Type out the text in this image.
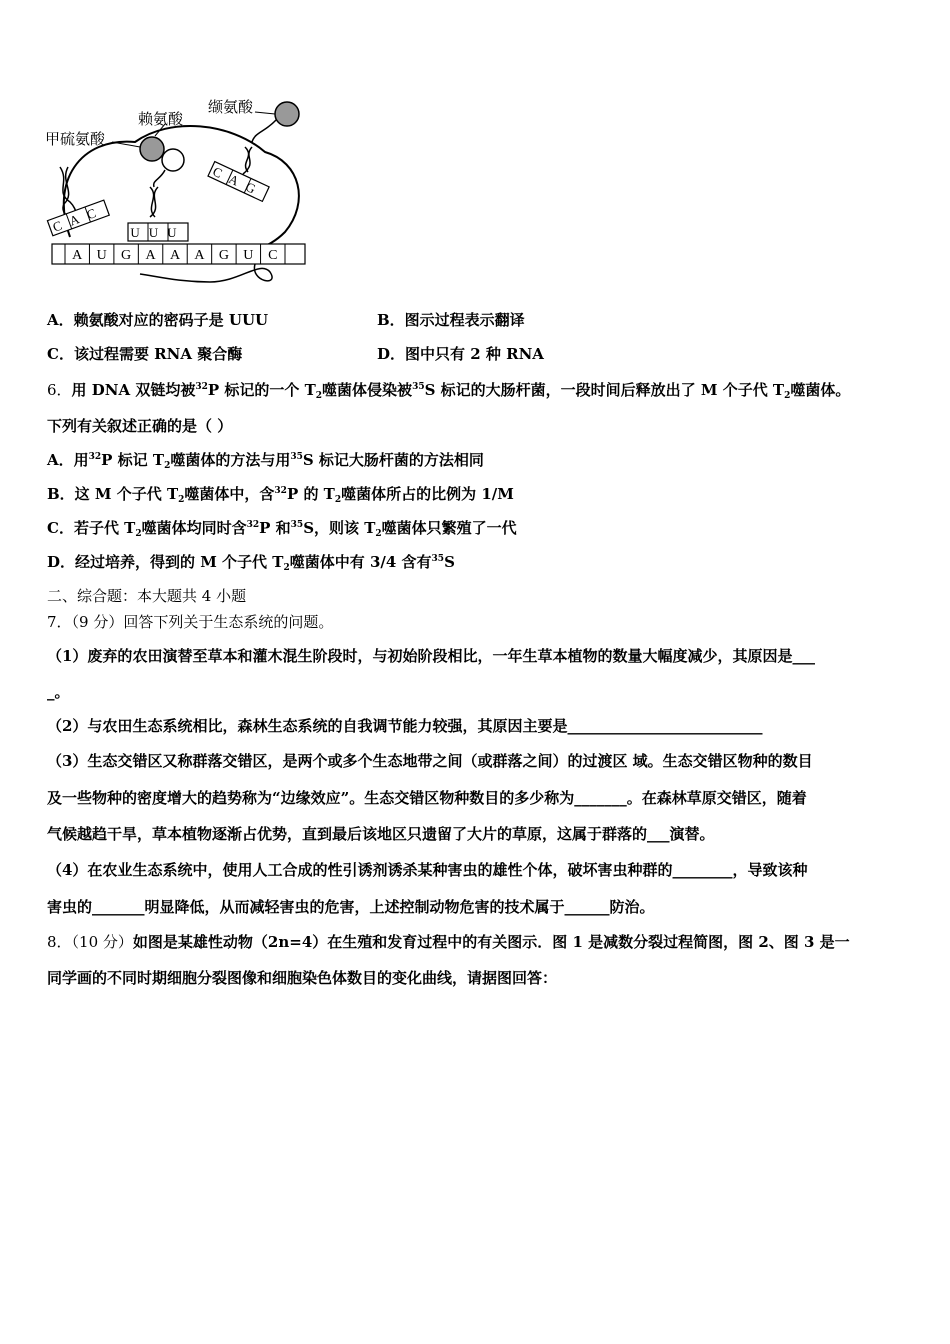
A U G A A A G U C
CAC UUU
CAG
甲硫氨酸
赖氨酸
缬氨酸
A．赖氨酸对应的密码子是 UUU	B．图示过程表示翻译
C．该过程需要 RNA 聚合酶	D．图中只有 2 种 RNA
6．用 DNA 双链均被$^{32}$P 标记的一个 $T_2$噬菌体侵染被$^{35}$S 标记的大肠杆菌，一段时间后释放出了 M 个子代 $T_2$噬菌体。
下列有关叙述正确的是（ ）
A．用$^{32}$P 标记 $T_2$噬菌体的方法与用$^{35}$S 标记大肠杆菌的方法相同
B．这 M 个子代 $T_2$噬菌体中，含$^{32}$P 的 $T_2$噬菌体所占的比例为 1/M
C．若子代 $T_2$噬菌体均同时含$^{32}$P 和$^{35}$S，则该 $T_2$噬菌体只繁殖了一代
D．经过培养，得到的 M 个子代 $T_2$噬菌体中有 3/4 含有$^{35}$S
二、综合题：本大题共 4 小题
7．（9 分）回答下列关于生态系统的问题。
（1）废弃的农田演替至草本和灌木混生阶段时，与初始阶段相比，一年生草本植物的数量大幅度减少，其原因是___
_。
（2）与农田生态系统相比，森林生态系统的自我调节能力较强，其原因主要是__________________________
（3）生态交错区又称群落交错区，是两个或多个生态地带之间（或群落之间）的过渡区 域。生态交错区物种的数目
及一些物种的密度增大的趋势称为“边缘效应”。生态交错区物种数目的多少称为_______。在森林草原交错区，随着
气候越趋干旱，草本植物逐渐占优势，直到最后该地区只遗留了大片的草原，这属于群落的___演替。
（4）在农业生态系统中，使用人工合成的性引诱剂诱杀某种害虫的雄性个体，破坏害虫种群的________，导致该种
害虫的_______明显降低，从而减轻害虫的危害，上述控制动物危害的技术属于______防治。
8．（10 分）如图是某雄性动物（2n=4）在生殖和发育过程中的有关图示．图 1 是减数分裂过程简图，图 2、图 3 是一
同学画的不同时期细胞分裂图像和细胞染色体数目的变化曲线，请据图回答：
